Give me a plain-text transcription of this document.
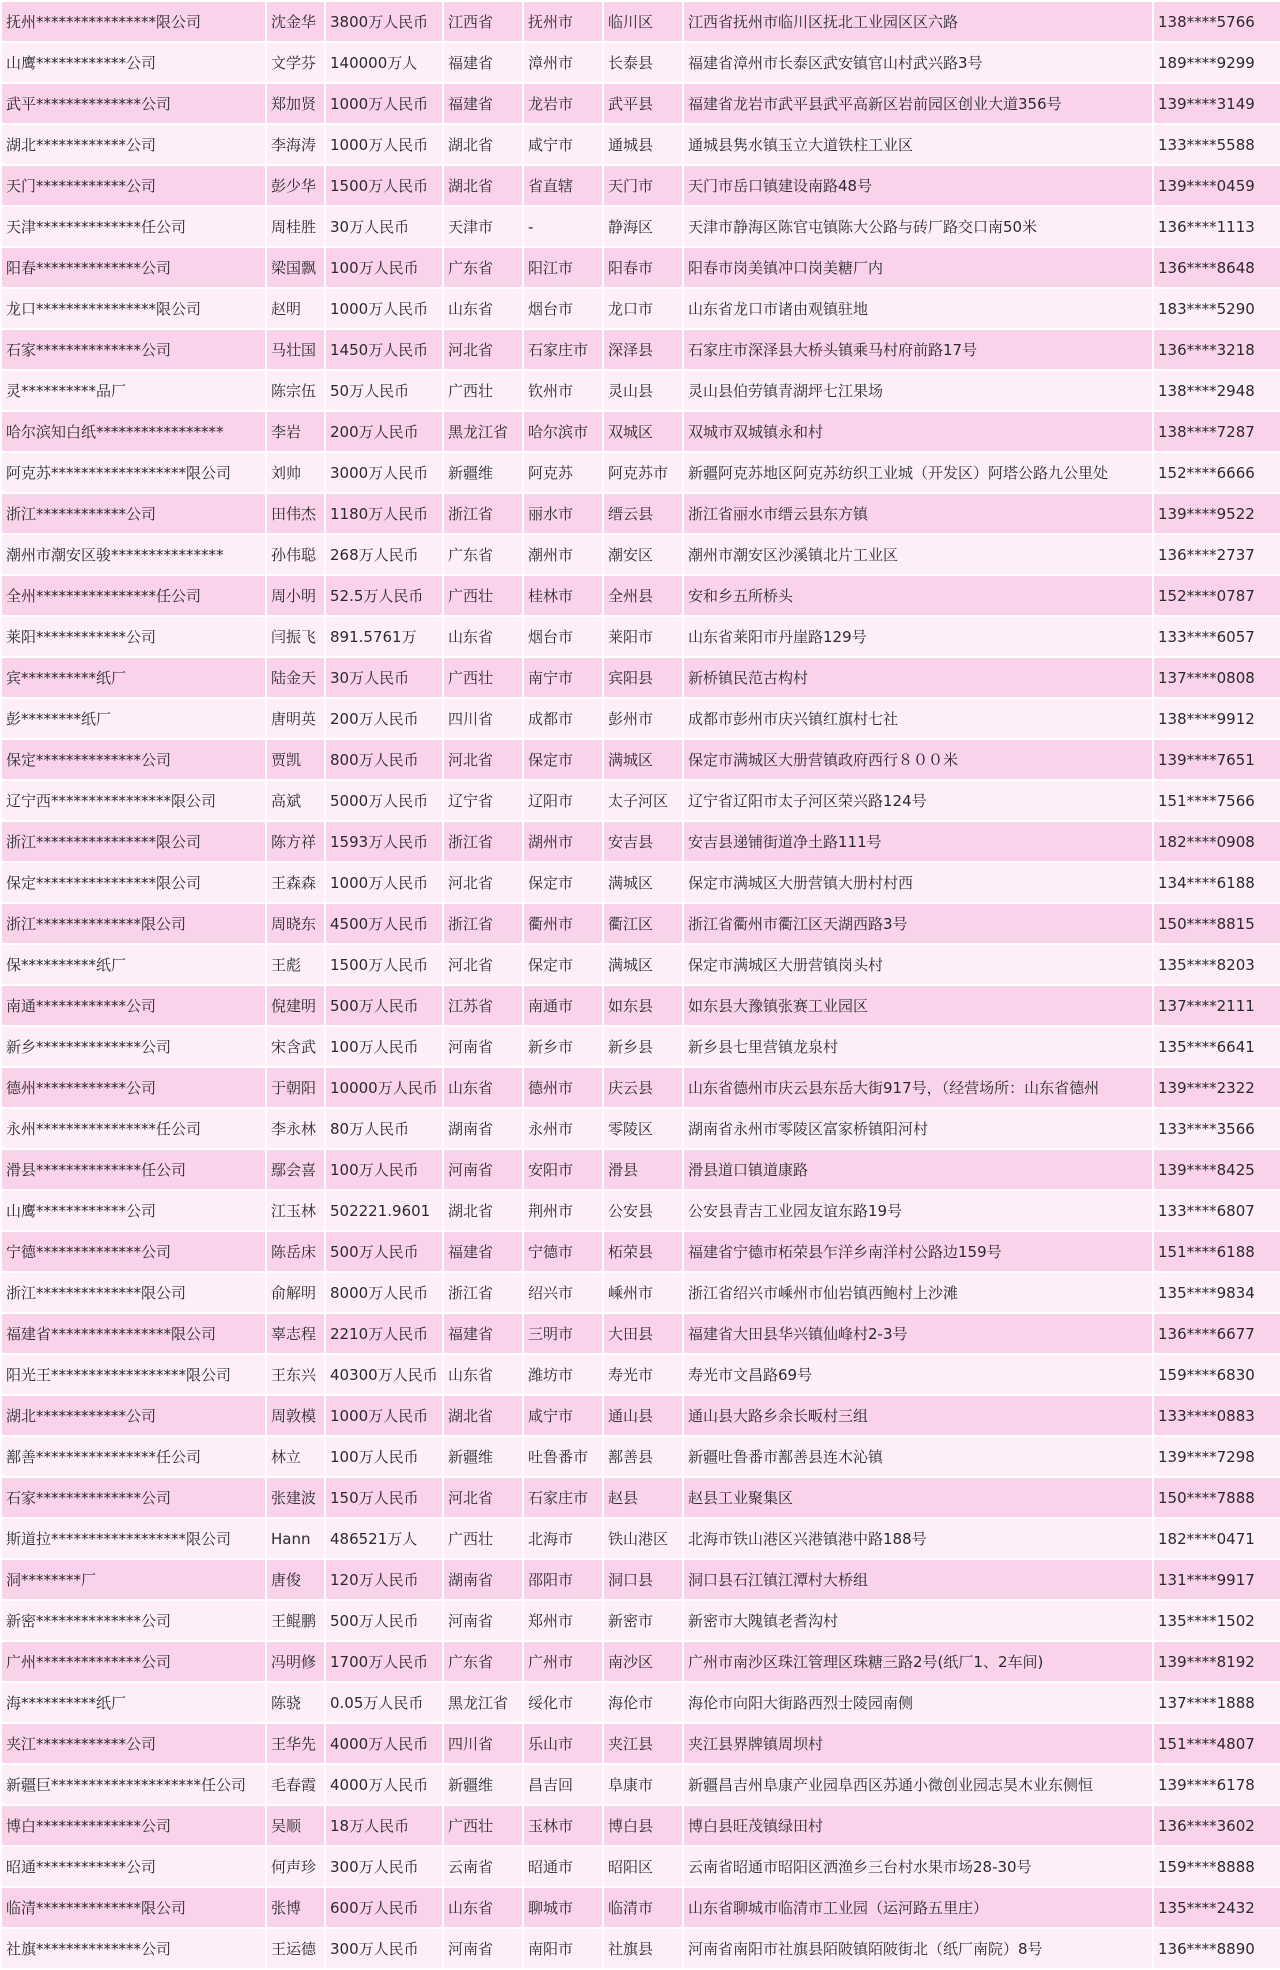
抚州****************限公司	沈金华	3800万人民币	江西省	抚州市	临川区	江西省抚州市临川区抚北工业园区区六路	138****5766
山鹰************公司	文学芬	140000万人	福建省	漳州市	长泰县	福建省漳州市长泰区武安镇官山村武兴路3号	189****9299
武平**************公司	郑加贤	1000万人民币	福建省	龙岩市	武平县	福建省龙岩市武平县武平高新区岩前园区创业大道356号	139****3149
湖北************公司	李海涛	1000万人民币	湖北省	咸宁市	通城县	通城县隽水镇玉立大道铁柱工业区	133****5588
天门************公司	彭少华	1500万人民币	湖北省	省直辖	天门市	天门市岳口镇建设南路48号	139****0459
天津**************任公司	周桂胜	30万人民币	天津市	-	静海区	天津市静海区陈官屯镇陈大公路与砖厂路交口南50米	136****1113
阳春**************公司	梁国飘	100万人民币	广东省	阳江市	阳春市	阳春市岗美镇冲口岗美糖厂内	136****8648
龙口****************限公司	赵明	1000万人民币	山东省	烟台市	龙口市	山东省龙口市诸由观镇驻地	183****5290
石家**************公司	马壮国	1450万人民币	河北省	石家庄市	深泽县	石家庄市深泽县大桥头镇乘马村府前路17号	136****3218
灵**********品厂	陈宗伍	50万人民币	广西壮	钦州市	灵山县	灵山县伯劳镇青湖坪七江果场	138****2948
哈尔滨知白纸*****************	李岩	200万人民币	黑龙江省	哈尔滨市	双城区	双城市双城镇永和村	138****7287
阿克苏******************限公司	刘帅	3000万人民币	新疆维	阿克苏	阿克苏市	新疆阿克苏地区阿克苏纺织工业城（开发区）阿塔公路九公里处	152****6666
浙江************公司	田伟杰	1180万人民币	浙江省	丽水市	缙云县	浙江省丽水市缙云县东方镇	139****9522
潮州市潮安区骏***************	孙伟聪	268万人民币	广东省	潮州市	潮安区	潮州市潮安区沙溪镇北片工业区	136****2737
全州****************任公司	周小明	52.5万人民币	广西壮	桂林市	全州县	安和乡五所桥头	152****0787
莱阳************公司	闫振飞	891.5761万	山东省	烟台市	莱阳市	山东省莱阳市丹崖路129号	133****6057
宾**********纸厂	陆金天	30万人民币	广西壮	南宁市	宾阳县	新桥镇民范古构村	137****0808
彭********纸厂	唐明英	200万人民币	四川省	成都市	彭州市	成都市彭州市庆兴镇红旗村七社	138****9912
保定**************公司	贾凯	800万人民币	河北省	保定市	满城区	保定市满城区大册营镇政府西行８００米	139****7651
辽宁西****************限公司	高斌	5000万人民币	辽宁省	辽阳市	太子河区	辽宁省辽阳市太子河区荣兴路124号	151****7566
浙江****************限公司	陈方祥	1593万人民币	浙江省	湖州市	安吉县	安吉县递铺街道净土路111号	182****0908
保定****************限公司	王森森	1000万人民币	河北省	保定市	满城区	保定市满城区大册营镇大册村村西	134****6188
浙江**************限公司	周晓东	4500万人民币	浙江省	衢州市	衢江区	浙江省衢州市衢江区天湖西路3号	150****8815
保**********纸厂	王彪	1500万人民币	河北省	保定市	满城区	保定市满城区大册营镇岗头村	135****8203
南通************公司	倪建明	500万人民币	江苏省	南通市	如东县	如东县大豫镇张赛工业园区	137****2111
新乡**************公司	宋含武	100万人民币	河南省	新乡市	新乡县	新乡县七里营镇龙泉村	135****6641
德州************公司	于朝阳	10000万人民币	山东省	德州市	庆云县	山东省德州市庆云县东岳大街917号，（经营场所：山东省德州	139****2322
永州****************任公司	李永林	80万人民币	湖南省	永州市	零陵区	湖南省永州市零陵区富家桥镇阳河村	133****3566
滑县**************任公司	鄢会喜	100万人民币	河南省	安阳市	滑县	滑县道口镇道康路	139****8425
山鹰************公司	江玉林	502221.9601	湖北省	荆州市	公安县	公安县青吉工业园友谊东路19号	133****6807
宁德**************公司	陈岳床	500万人民币	福建省	宁德市	柘荣县	福建省宁德市柘荣县乍洋乡南洋村公路边159号	151****6188
浙江**************限公司	俞解明	8000万人民币	浙江省	绍兴市	嵊州市	浙江省绍兴市嵊州市仙岩镇西鲍村上沙滩	135****9834
福建省****************限公司	辜志程	2210万人民币	福建省	三明市	大田县	福建省大田县华兴镇仙峰村2-3号	136****6677
阳光王******************限公司	王东兴	40300万人民币	山东省	潍坊市	寿光市	寿光市文昌路69号	159****6830
湖北************公司	周敦模	1000万人民币	湖北省	咸宁市	通山县	通山县大路乡余长畈村三组	133****0883
鄯善****************任公司	林立	100万人民币	新疆维	吐鲁番市	鄯善县	新疆吐鲁番市鄯善县连木沁镇	139****7298
石家**************公司	张建波	150万人民币	河北省	石家庄市	赵县	赵县工业聚集区	150****7888
斯道拉******************限公司	Hann	486521万人	广西壮	北海市	铁山港区	北海市铁山港区兴港镇港中路188号	182****0471
洞********厂	唐俊	120万人民币	湖南省	邵阳市	洞口县	洞口县石江镇江潭村大桥组	131****9917
新密**************公司	王鲲鹏	500万人民币	河南省	郑州市	新密市	新密市大隗镇老耆沟村	135****1502
广州**************公司	冯明修	1700万人民币	广东省	广州市	南沙区	广州市南沙区珠江管理区珠糖三路2号(纸厂1、2车间)	139****8192
海**********纸厂	陈骁	0.05万人民币	黑龙江省	绥化市	海伦市	海伦市向阳大街路西烈士陵园南侧	137****1888
夹江************公司	王华先	4000万人民币	四川省	乐山市	夹江县	夹江县界牌镇周坝村	151****4807
新疆巨********************任公司	毛春霞	4000万人民币	新疆维	昌吉回	阜康市	新疆昌吉州阜康产业园阜西区苏通小微创业园志昊木业东侧恒	139****6178
博白**************公司	吴顺	18万人民币	广西壮	玉林市	博白县	博白县旺茂镇绿田村	136****3602
昭通************公司	何声珍	300万人民币	云南省	昭通市	昭阳区	云南省昭通市昭阳区洒渔乡三台村水果市场28-30号	159****8888
临清**************限公司	张博	600万人民币	山东省	聊城市	临清市	山东省聊城市临清市工业园（运河路五里庄）	135****2432
社旗**************公司	王运德	300万人民币	河南省	南阳市	社旗县	河南省南阳市社旗县陌陂镇陌陂街北（纸厂南院）8号	136****8890
